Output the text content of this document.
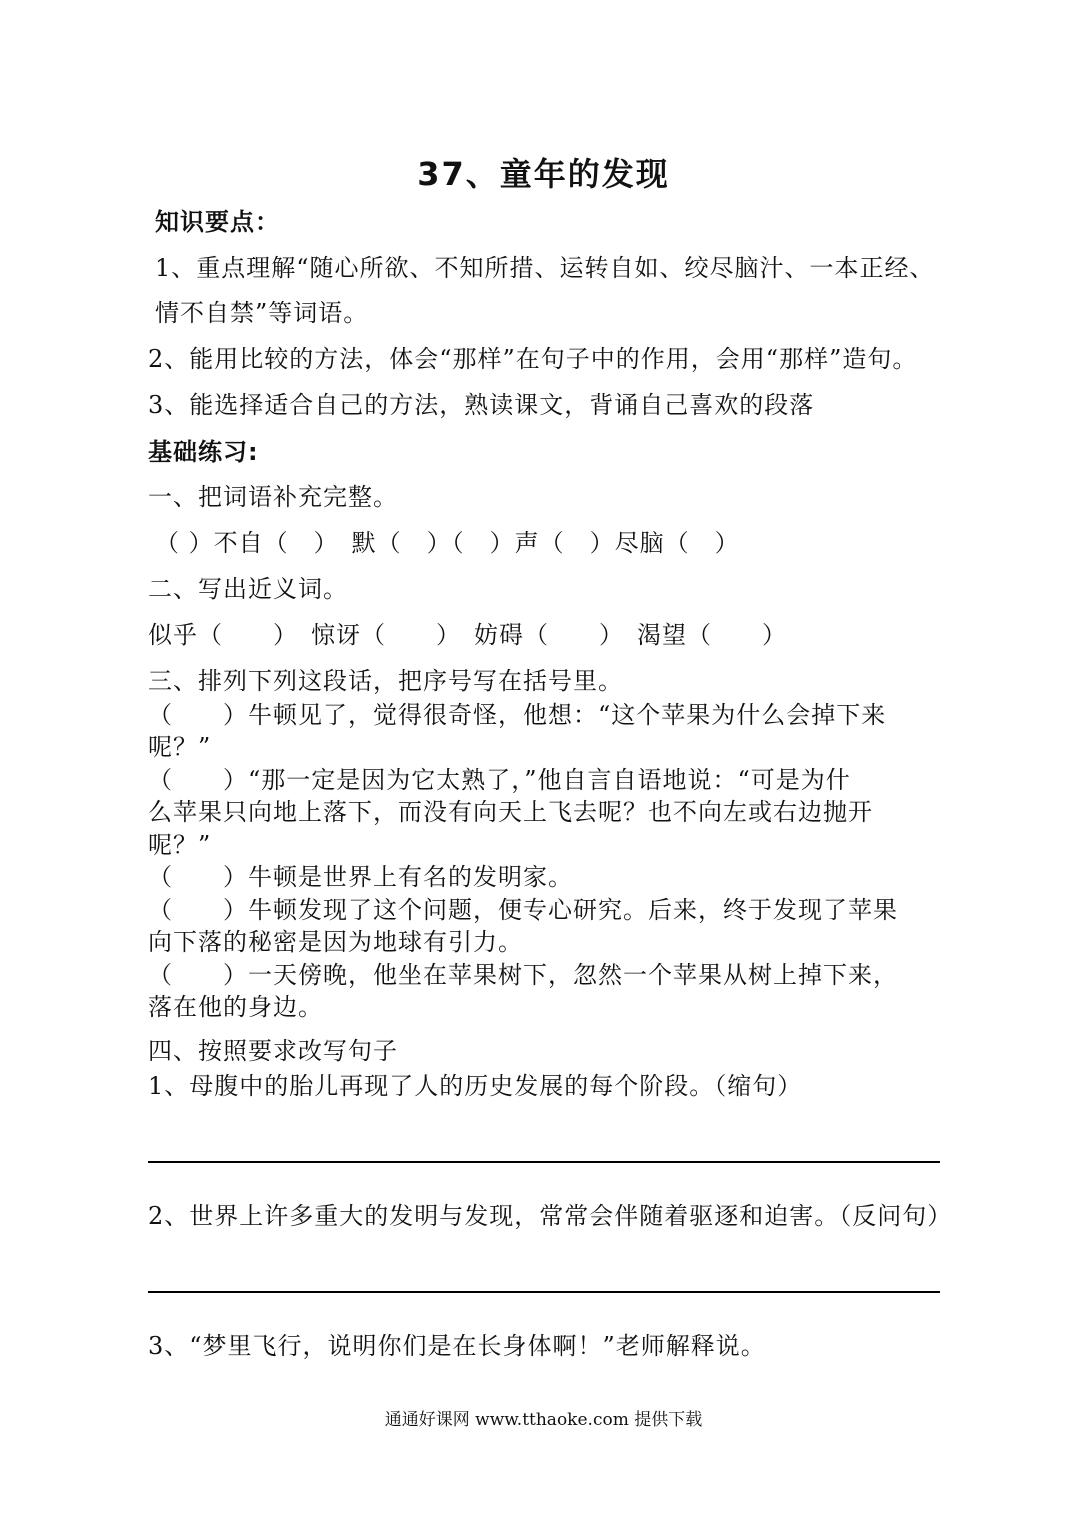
37、童年的发现
知识要点：
1、重点理解“随心所欲、不知所措、运转自如、绞尽脑汁、一本正经、
情不自禁”等词语。
2、能用比较的方法，体会“那样”在句子中的作用，会用“那样”造句。
3、能选择适合自己的方法，熟读课文，背诵自己喜欢的段落
基础练习:
一、把词语补充完整。
（ ）不自（　）　默（　）（　）声（　）尽脑（　）
二、写出近义词。
似乎（　　）　惊讶（　　）　妨碍（　　）　渴望（　　）
三、排列下列这段话，把序号写在括号里。
（　　）牛顿见了，觉得很奇怪，他想：“这个苹果为什么会掉下来
呢？”
（　　）“那一定是因为它太熟了，”他自言自语地说：“可是为什
么苹果只向地上落下，而没有向天上飞去呢？也不向左或右边抛开
呢？”
（　　）牛顿是世界上有名的发明家。
（　　）牛顿发现了这个问题，便专心研究。后来，终于发现了苹果
向下落的秘密是因为地球有引力。
（　　）一天傍晚，他坐在苹果树下，忽然一个苹果从树上掉下来，
落在他的身边。
四、按照要求改写句子
1、母腹中的胎儿再现了人的历史发展的每个阶段。（缩句）
2、世界上许多重大的发明与发现，常常会伴随着驱逐和迫害。（反问句）
3、“梦里飞行，说明你们是在长身体啊！”老师解释说。
通通好课网 www.tthaoke.com 提供下载
